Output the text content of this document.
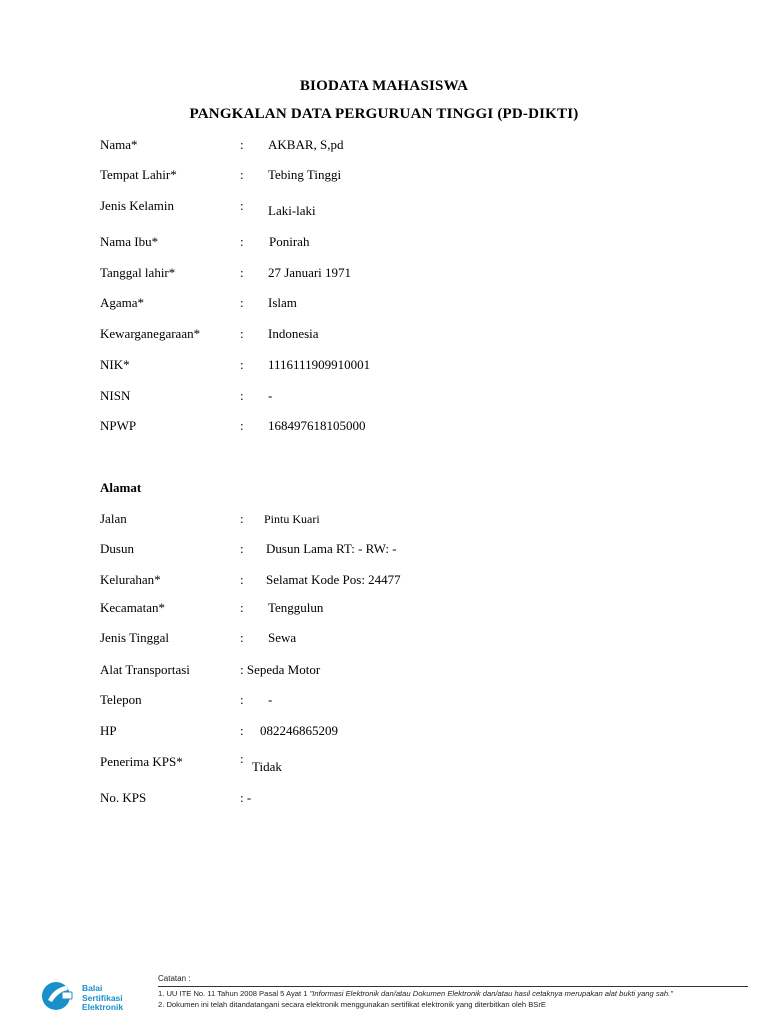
BIODATA MAHASISWA
PANGKALAN DATA PERGURUAN TINGGI (PD-DIKTI)
Nama*	: AKBAR, S,pd
Tempat Lahir*	: Tebing Tinggi
Jenis Kelamin	: Laki-laki
Nama Ibu*	: Ponirah
Tanggal lahir*	: 27 Januari 1971
Agama*	: Islam
Kewarganegaraan*	: Indonesia
NIK*	: 1116111909910001
NISN	: -
NPWP	: 168497618105000
Alamat
Jalan	: Pintu Kuari
Dusun	: Dusun Lama RT: - RW: -
Kelurahan*	: Selamat Kode Pos: 24477
Kecamatan*	: Tenggulun
Jenis Tinggal	: Sewa
Alat Transportasi	: Sepeda Motor
Telepon	: -
HP	: 082246865209
Penerima KPS*	:
Tidak
No. KPS	: -
Balai
Sertifikasi
Elektronik
Catatan :
1. UU ITE No. 11 Tahun 2008 Pasal 5 Ayat 1 "Informasi Elektronik dan/atau Dokumen Elektronik dan/atau hasil cetaknya merupakan alat bukti yang sah."
2. Dokumen ini telah ditandatangani secara elektronik menggunakan sertifikat elektronik yang diterbitkan oleh BSrE
